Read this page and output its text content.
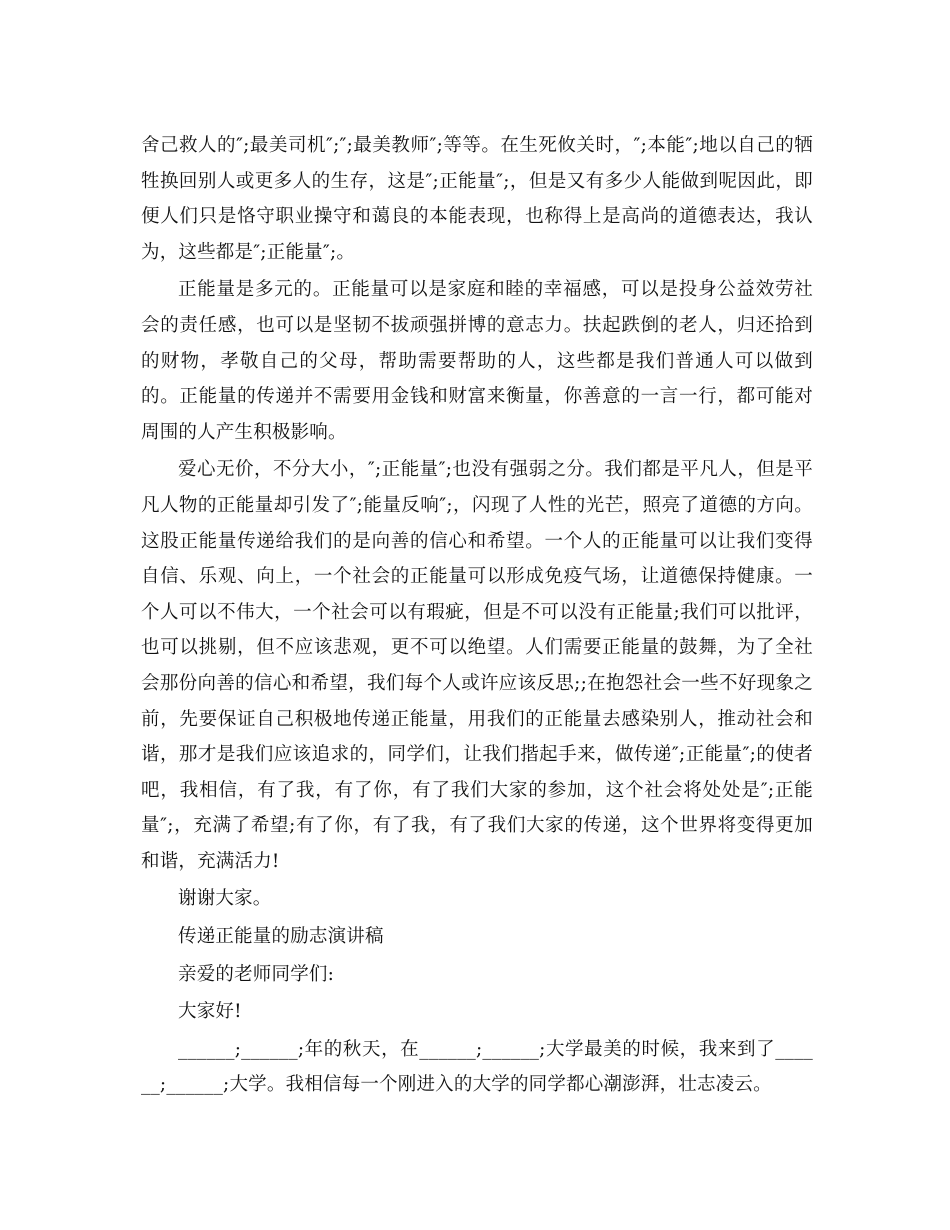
舍己救人的″;最美司机″;″;最美教师″;等等。在生死攸关时，″;本能″;地以自己的牺牲换回别人或更多人的生存，这是″;正能量″;，但是又有多少人能做到呢因此，即便人们只是恪守职业操守和蔼良的本能表现，也称得上是高尚的道德表达，我认为，这些都是″;正能量″;。

正能量是多元的。正能量可以是家庭和睦的幸福感，可以是投身公益效劳社会的责任感，也可以是坚韧不拔顽强拼博的意志力。扶起跌倒的老人，归还拾到的财物，孝敬自己的父母，帮助需要帮助的人，这些都是我们普通人可以做到的。正能量的传递并不需要用金钱和财富来衡量，你善意的一言一行，都可能对周围的人产生积极影响。

爱心无价，不分大小，″;正能量″;也没有强弱之分。我们都是平凡人，但是平凡人物的正能量却引发了″;能量反响″;，闪现了人性的光芒，照亮了道德的方向。这股正能量传递给我们的是向善的信心和希望。一个人的正能量可以让我们变得自信、乐观、向上，一个社会的正能量可以形成免疫气场，让道德保持健康。一个人可以不伟大，一个社会可以有瑕疵，但是不可以没有正能量;我们可以批评，也可以挑剔，但不应该悲观，更不可以绝望。人们需要正能量的鼓舞，为了全社会那份向善的信心和希望，我们每个人或许应该反思;;在抱怨社会一些不好现象之前，先要保证自己积极地传递正能量，用我们的正能量去感染别人，推动社会和谐，那才是我们应该追求的，同学们，让我们揩起手来，做传递″;正能量″;的使者吧，我相信，有了我，有了你，有了我们大家的参加，这个社会将处处是″;正能量″;，充满了希望;有了你，有了我，有了我们大家的传递，这个世界将变得更加和谐，充满活力!

谢谢大家。

传递正能量的励志演讲稿

亲爱的老师同学们:

大家好!

______;______;年的秋天，在______;______;大学最美的时候，我来到了______;______;大学。我相信每一个刚进入的大学的同学都心潮澎湃，壮志凌云。
